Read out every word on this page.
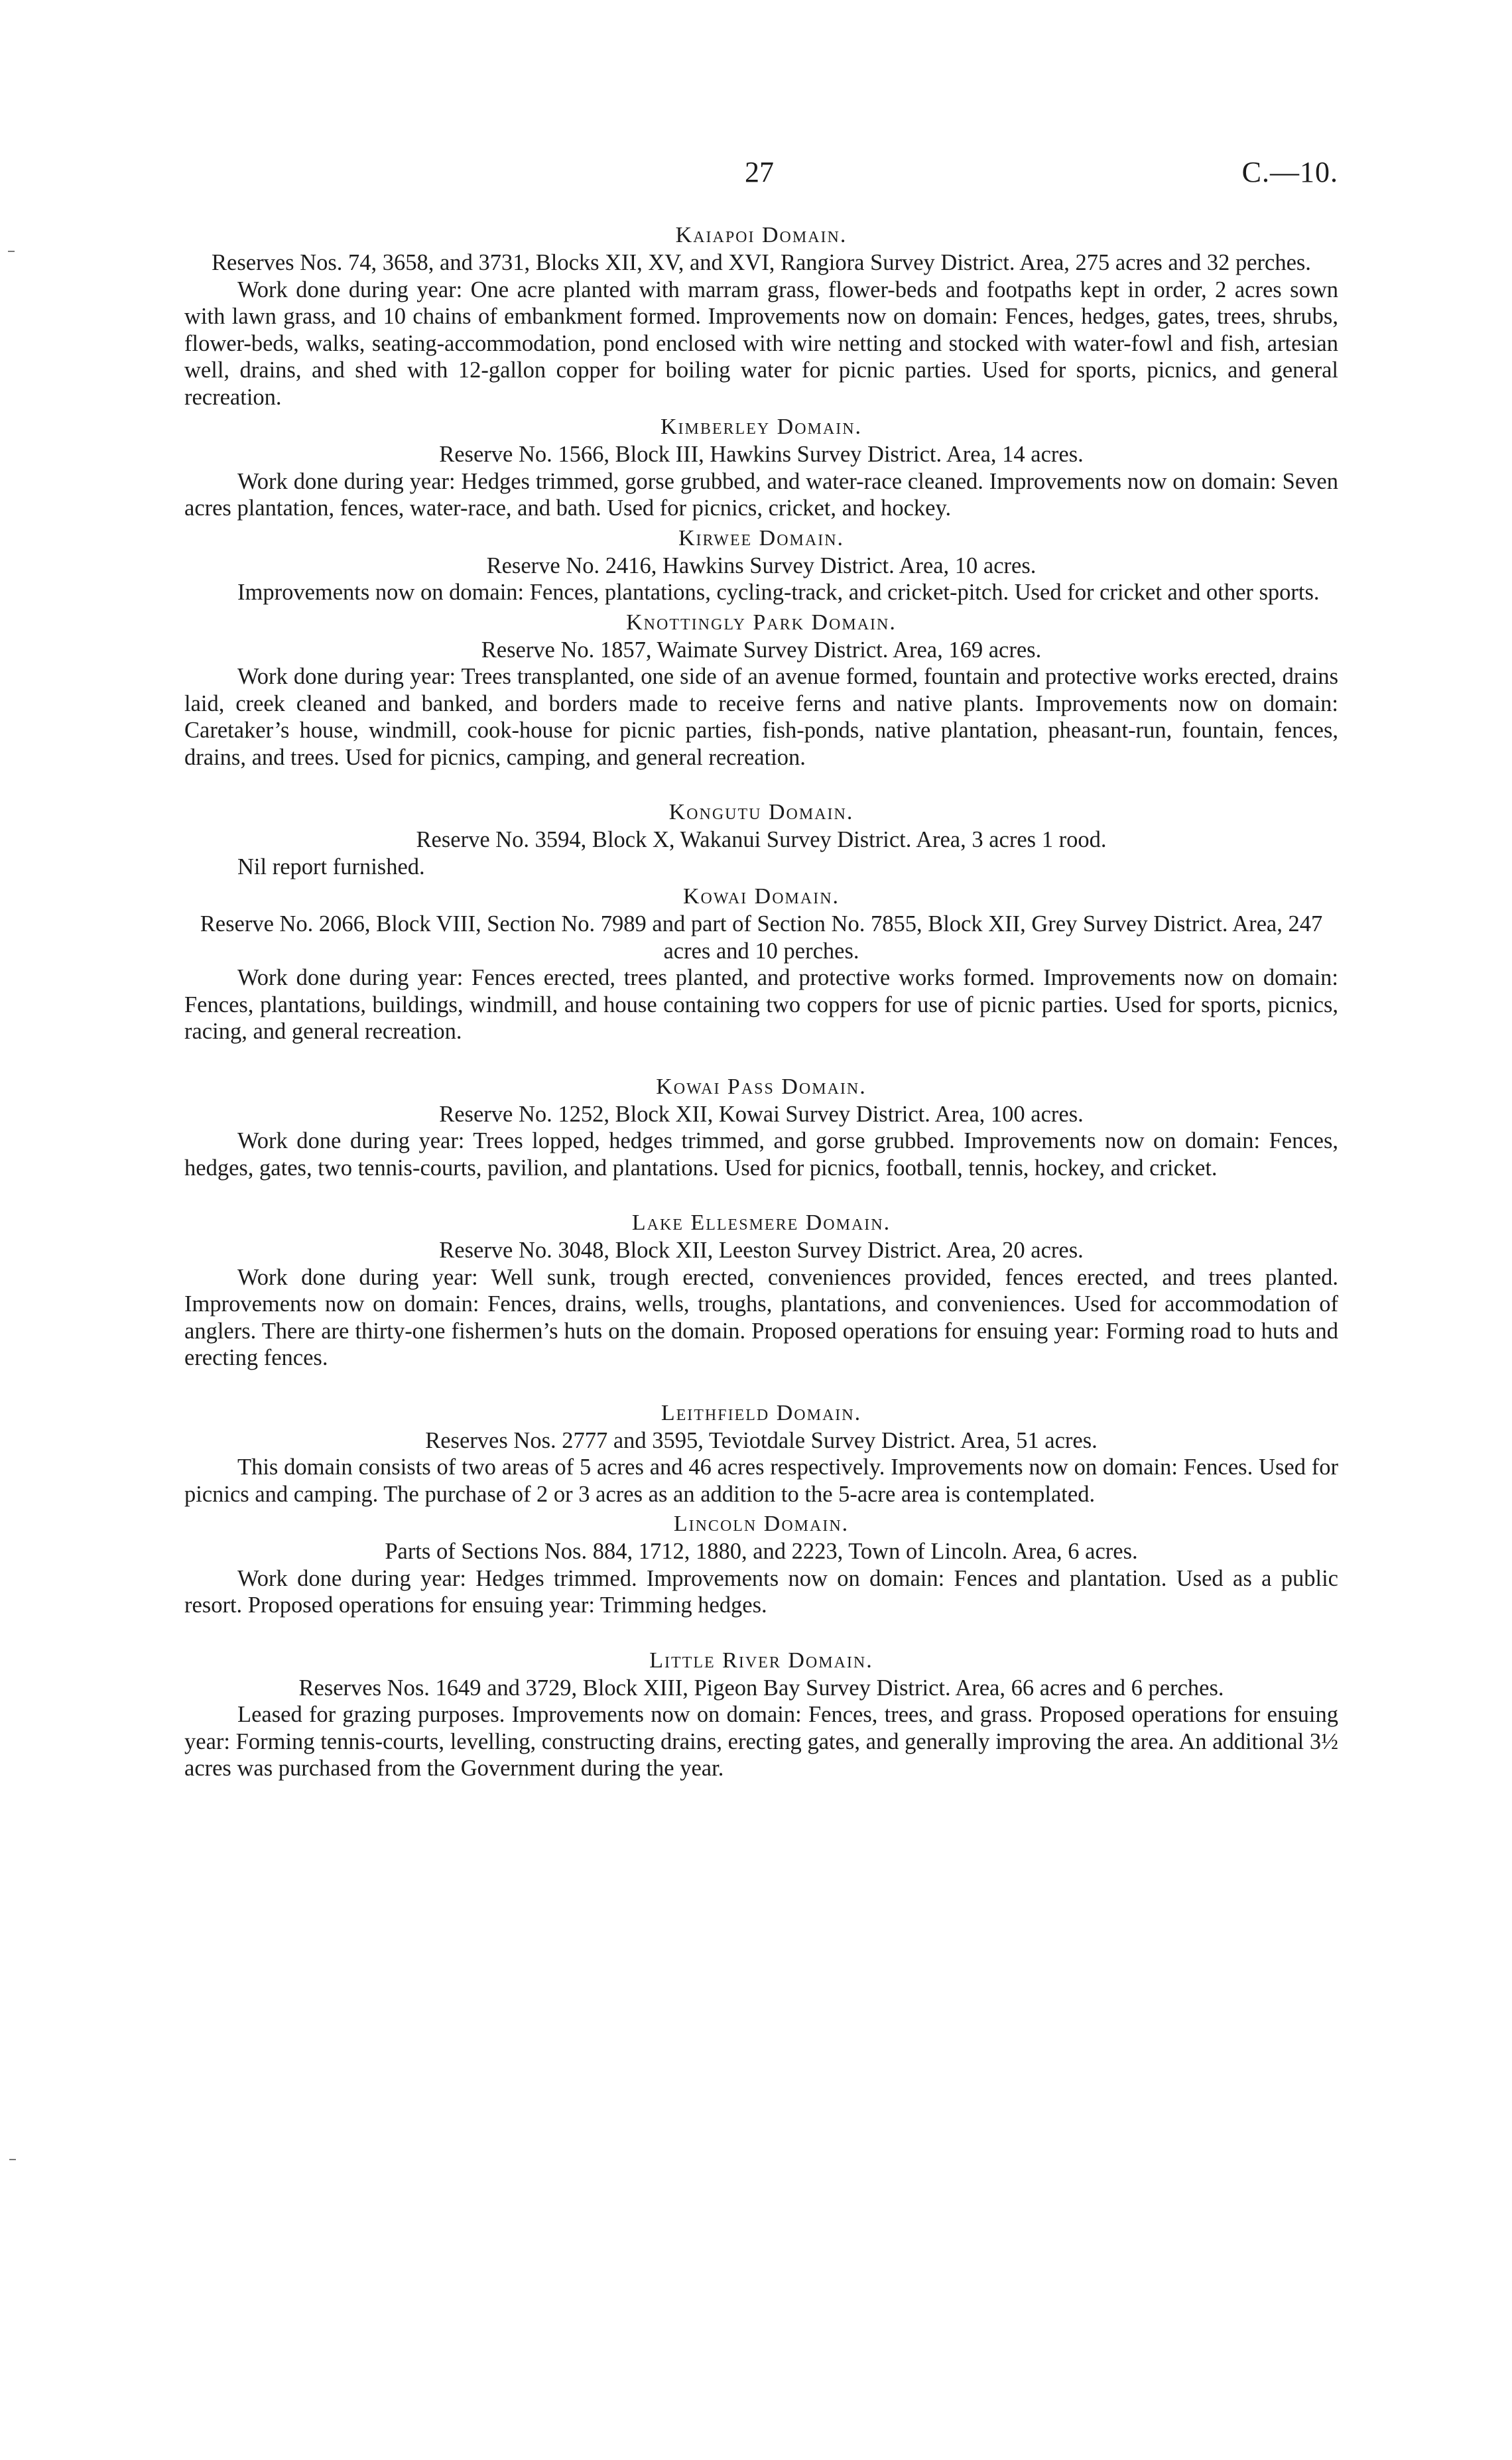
27	C.—10.

Kaiapoi Domain.

Reserves Nos. 74, 3658, and 3731, Blocks XII, XV, and XVI, Rangiora Survey District. Area, 275 acres and 32 perches.

Work done during year: One acre planted with marram grass, flower-beds and footpaths kept in order, 2 acres sown with lawn grass, and 10 chains of embankment formed. Improvements now on domain: Fences, hedges, gates, trees, shrubs, flower-beds, walks, seating-accommodation, pond enclosed with wire netting and stocked with water-fowl and fish, artesian well, drains, and shed with 12-gallon copper for boiling water for picnic parties. Used for sports, picnics, and general recreation.

Kimberley Domain.

Reserve No. 1566, Block III, Hawkins Survey District. Area, 14 acres.

Work done during year: Hedges trimmed, gorse grubbed, and water-race cleaned. Improvements now on domain: Seven acres plantation, fences, water-race, and bath. Used for picnics, cricket, and hockey.

Kirwee Domain.

Reserve No. 2416, Hawkins Survey District. Area, 10 acres.

Improvements now on domain: Fences, plantations, cycling-track, and cricket-pitch. Used for cricket and other sports.

Knottingly Park Domain.

Reserve No. 1857, Waimate Survey District. Area, 169 acres.

Work done during year: Trees transplanted, one side of an avenue formed, fountain and protective works erected, drains laid, creek cleaned and banked, and borders made to receive ferns and native plants. Improvements now on domain: Caretaker’s house, windmill, cook-house for picnic parties, fish-ponds, native plantation, pheasant-run, fountain, fences, drains, and trees. Used for picnics, camping, and general recreation.

Kongutu Domain.

Reserve No. 3594, Block X, Wakanui Survey District. Area, 3 acres 1 rood.

Nil report furnished.

Kowai Domain.

Reserve No. 2066, Block VIII, Section No. 7989 and part of Section No. 7855, Block XII, Grey Survey District. Area, 247 acres and 10 perches.

Work done during year: Fences erected, trees planted, and protective works formed. Improvements now on domain: Fences, plantations, buildings, windmill, and house containing two coppers for use of picnic parties. Used for sports, picnics, racing, and general recreation.

Kowai Pass Domain.

Reserve No. 1252, Block XII, Kowai Survey District. Area, 100 acres.

Work done during year: Trees lopped, hedges trimmed, and gorse grubbed. Improvements now on domain: Fences, hedges, gates, two tennis-courts, pavilion, and plantations. Used for picnics, football, tennis, hockey, and cricket.

Lake Ellesmere Domain.

Reserve No. 3048, Block XII, Leeston Survey District. Area, 20 acres.

Work done during year: Well sunk, trough erected, conveniences provided, fences erected, and trees planted. Improvements now on domain: Fences, drains, wells, troughs, plantations, and conveniences. Used for accommodation of anglers. There are thirty-one fishermen’s huts on the domain. Proposed operations for ensuing year: Forming road to huts and erecting fences.

Leithfield Domain.

Reserves Nos. 2777 and 3595, Teviotdale Survey District. Area, 51 acres.

This domain consists of two areas of 5 acres and 46 acres respectively. Improvements now on domain: Fences. Used for picnics and camping. The purchase of 2 or 3 acres as an addition to the 5-acre area is contemplated.

Lincoln Domain.

Parts of Sections Nos. 884, 1712, 1880, and 2223, Town of Lincoln. Area, 6 acres.

Work done during year: Hedges trimmed. Improvements now on domain: Fences and plantation. Used as a public resort. Proposed operations for ensuing year: Trimming hedges.

Little River Domain.

Reserves Nos. 1649 and 3729, Block XIII, Pigeon Bay Survey District. Area, 66 acres and 6 perches.

Leased for grazing purposes. Improvements now on domain: Fences, trees, and grass. Proposed operations for ensuing year: Forming tennis-courts, levelling, constructing drains, erecting gates, and generally improving the area. An additional 3½ acres was purchased from the Government during the year.
